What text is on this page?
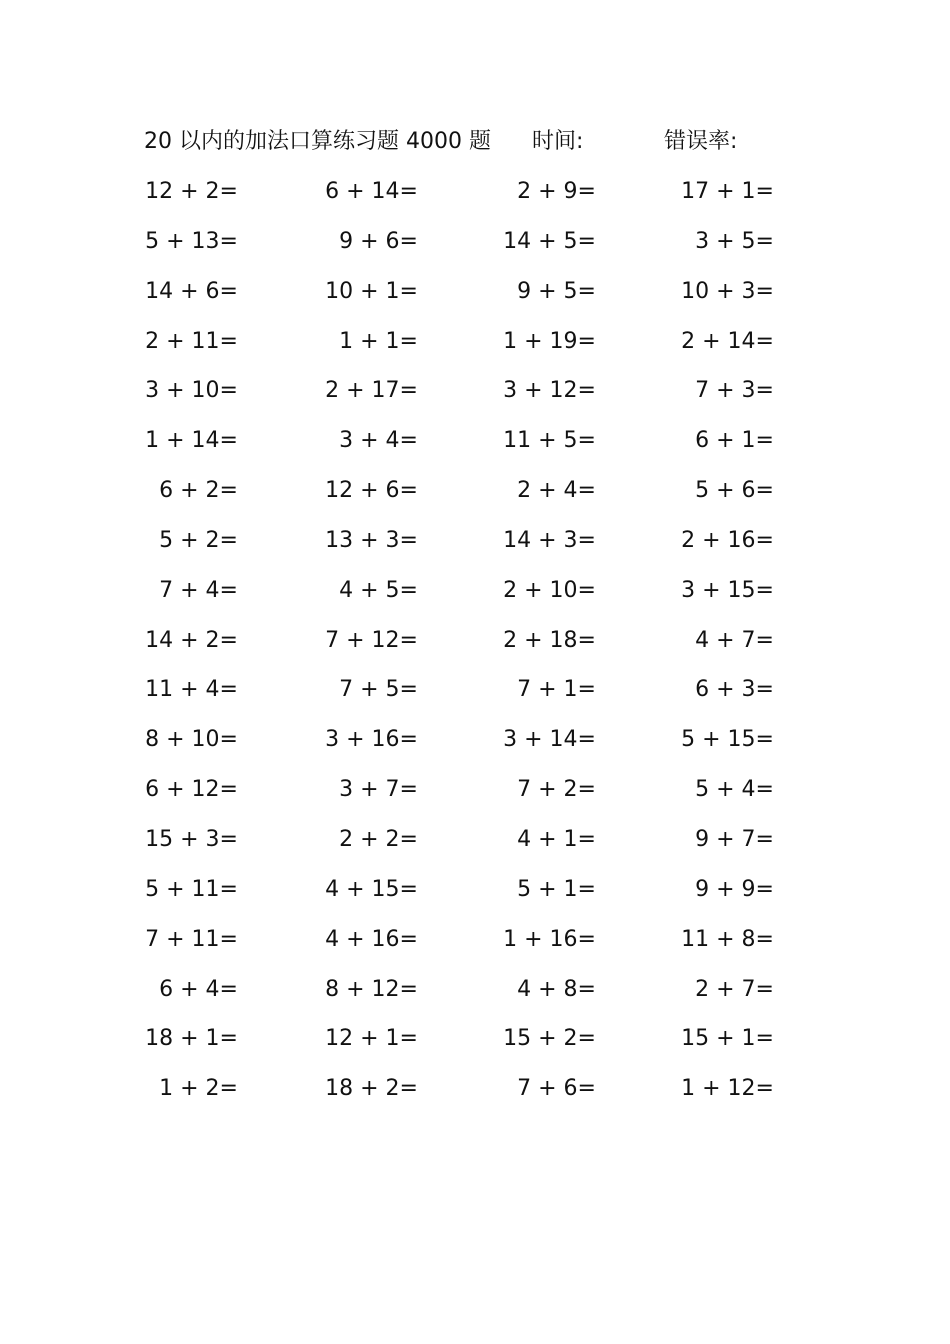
20 以内的加法口算练习题 4000 题 时间:	错误率:
12 + 2=	6 + 14=	2 + 9=	17 + 1=
5 + 13=	9 + 6=	14 + 5=	3 + 5=
14 + 6=	10 + 1=	9 + 5=	10 + 3=
2 + 11=	1 + 1=	1 + 19=	2 + 14=
3 + 10=	2 + 17=	3 + 12=	7 + 3=
1 + 14=	3 + 4=	11 + 5=	6 + 1=
6 + 2=	12 + 6=	2 + 4=	5 + 6=
5 + 2=	13 + 3=	14 + 3=	2 + 16=
7 + 4=	4 + 5=	2 + 10=	3 + 15=
14 + 2=	7 + 12=	2 + 18=	4 + 7=
11 + 4=	7 + 5=	7 + 1=	6 + 3=
8 + 10=	3 + 16=	3 + 14=	5 + 15=
6 + 12=	3 + 7=	7 + 2=	5 + 4=
15 + 3=	2 + 2=	4 + 1=	9 + 7=
5 + 11=	4 + 15=	5 + 1=	9 + 9=
7 + 11=	4 + 16=	1 + 16=	11 + 8=
6 + 4=	8 + 12=	4 + 8=	2 + 7=
18 + 1=	12 + 1=	15 + 2=	15 + 1=
1 + 2=	18 + 2=	7 + 6=	1 + 12=
